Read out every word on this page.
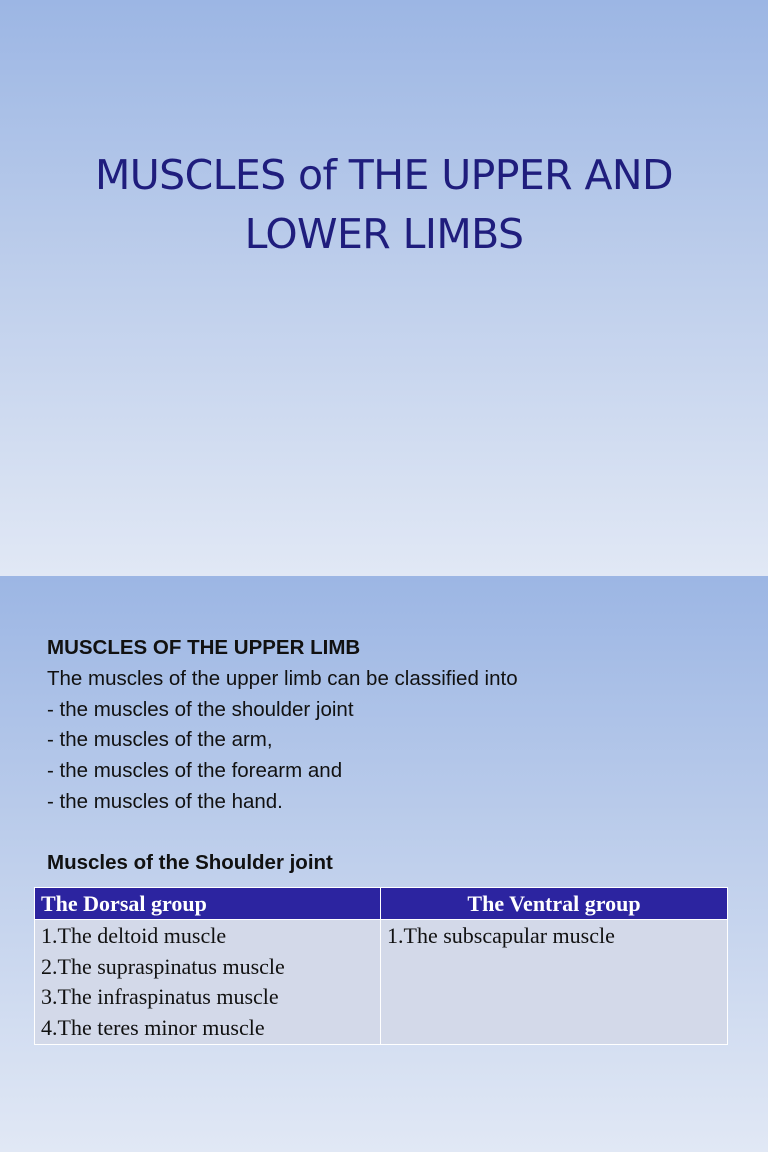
MUSCLES of THE UPPER AND
LOWER LIMBS
MUSCLES OF THE UPPER LIMB
The muscles of the upper limb can be classified into
- the muscles of the shoulder joint
- the muscles of the arm,
- the muscles of the forearm and
- the muscles of the hand.
Muscles of the Shoulder joint
The Dorsal group	The Ventral group

1.The deltoid muscle
2.The supraspinatus muscle
3.The infraspinatus muscle
4.The teres minor muscle	1.The subscapular muscle
